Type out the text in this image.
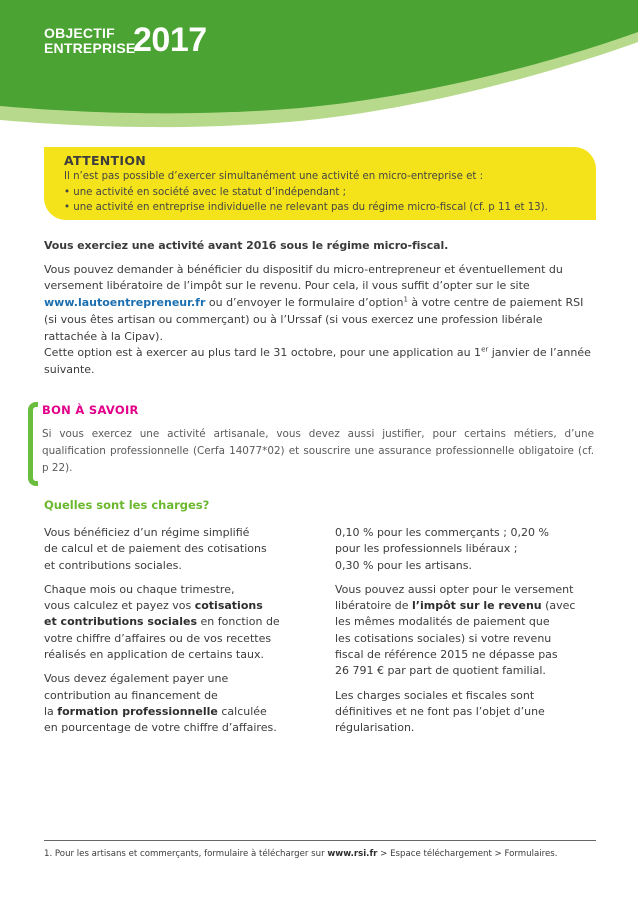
OBJECTIF
ENTREPRISE
2017
ATTENTION

Il n’est pas possible d’exercer simultanément une activité en micro-entreprise et :

• une activité en société avec le statut d’indépendant ;

• une activité en entreprise individuelle ne relevant pas du régime micro-fiscal (cf. p 11 et 13).

Vous exerciez une activité avant 2016 sous le régime micro-fiscal.

Vous pouvez demander à bénéficier du dispositif du micro-entrepreneur et éventuellement du versement libératoire de l’impôt sur le revenu. Pour cela, il vous suffit d’opter sur le site www.lautoentrepreneur.fr ou d’envoyer le formulaire d’option$^1$ à votre centre de paiement RSI (si vous êtes artisan ou commerçant) ou à l’Urssaf (si vous exercez une profession libérale rattachée à la Cipav).

Cette option est à exercer au plus tard le 31 octobre, pour une application au 1er janvier de l’année suivante.

BON À SAVOIR

Si vous exercez une activité artisanale, vous devez aussi justifier, pour certains métiers, d’une qualification professionnelle (Cerfa 14077*02) et souscrire une assurance professionnelle obligatoire (cf. p 22).

Quelles sont les charges?

Vous bénéficiez d’un régime simplifié
de calcul et de paiement des cotisations
et contributions sociales.

Chaque mois ou chaque trimestre,
vous calculez et payez vos cotisations
et contributions sociales en fonction de
votre chiffre d’affaires ou de vos recettes
réalisés en application de certains taux.

Vous devez également payer une
contribution au financement de
la formation professionnelle calculée
en pourcentage de votre chiffre d’affaires.

0,10 % pour les commerçants ; 0,20 %
pour les professionnels libéraux ;
0,30 % pour les artisans.

Vous pouvez aussi opter pour le versement
libératoire de l’impôt sur le revenu (avec
les mêmes modalités de paiement que
les cotisations sociales) si votre revenu
fiscal de référence 2015 ne dépasse pas
26 791 € par part de quotient familial.

Les charges sociales et fiscales sont
définitives et ne font pas l’objet d’une
régularisation.

1. Pour les artisans et commerçants, formulaire à télécharger sur www.rsi.fr > Espace téléchargement > Formulaires.
